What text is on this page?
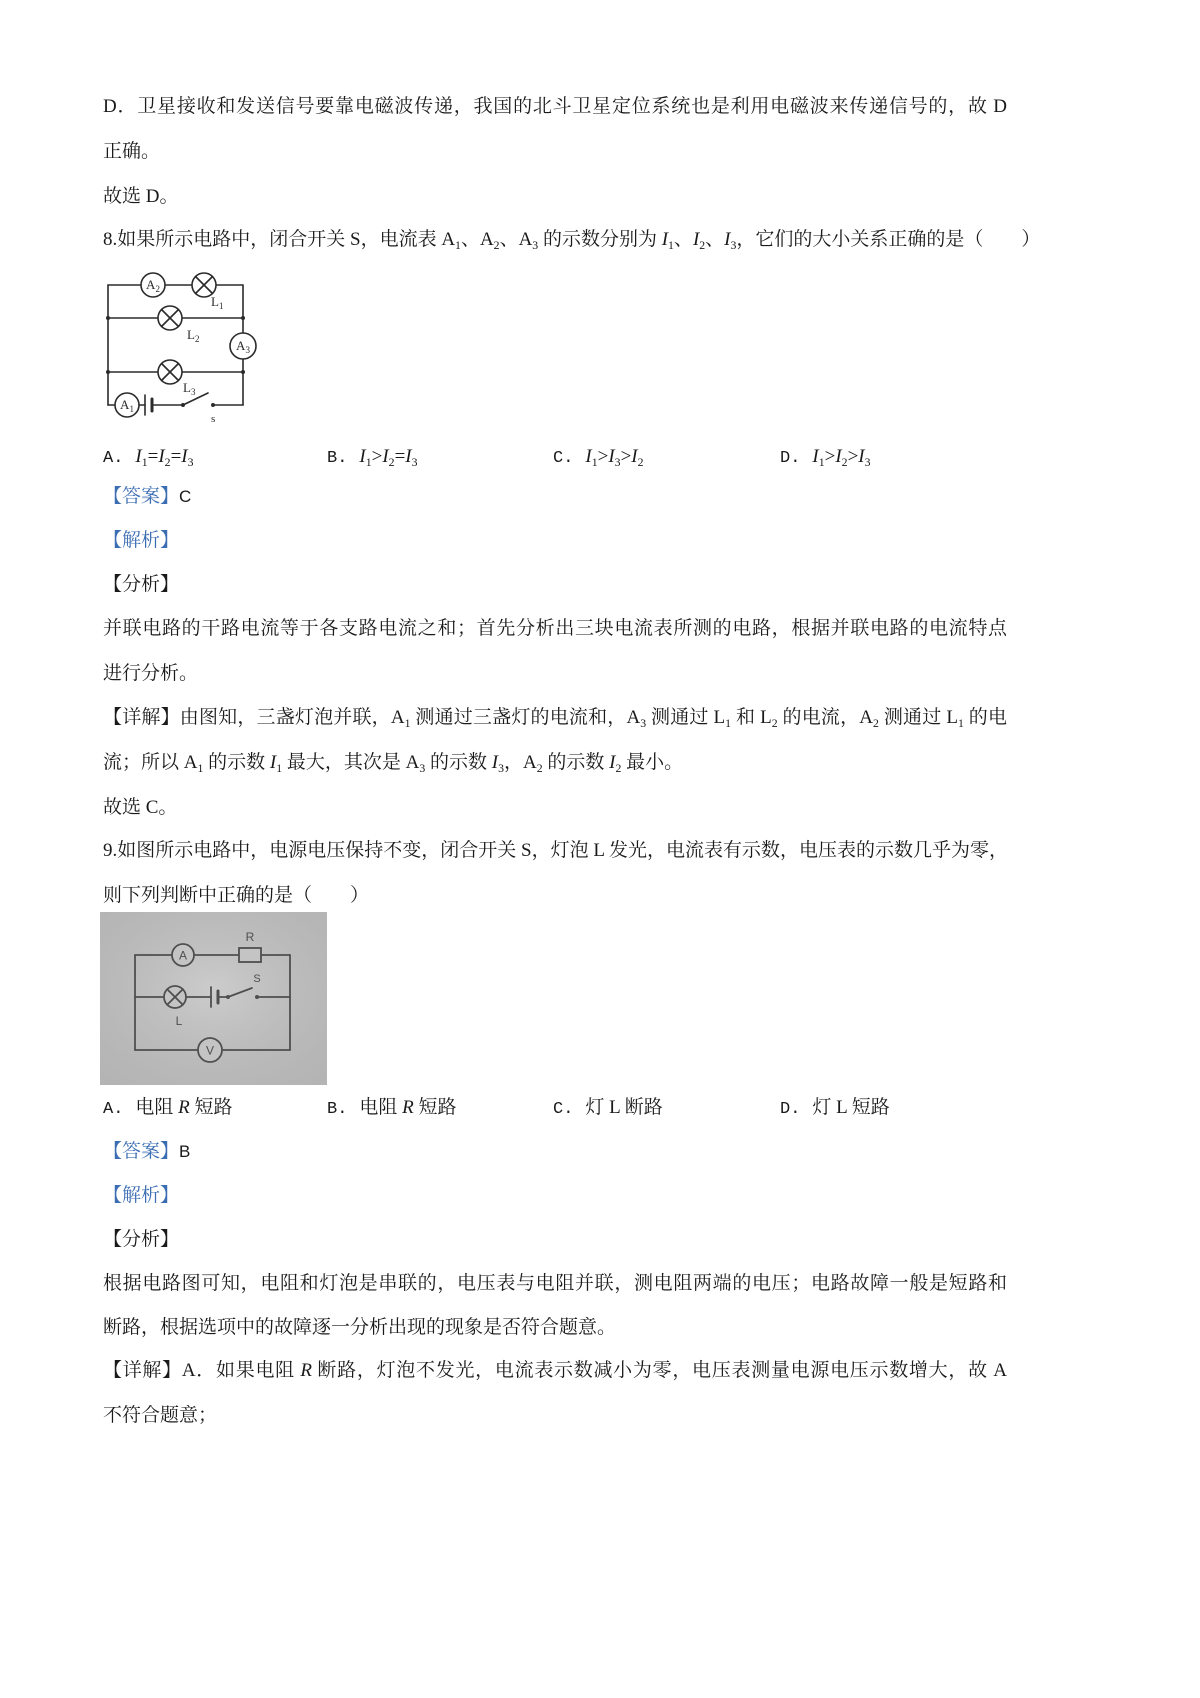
D．卫星接收和发送信号要靠电磁波传递，我国的北斗卫星定位系统也是利用电磁波来传递信号的，故 D
正确。
故选 D。
8.如果所示电路中，闭合开关 S，电流表 A1、A2、A3 的示数分别为 I1、I2、I3，它们的大小关系正确的是（　　）
$A_2$
$L_1$
$L_2$	$A_3$
$L_3$
$A_1$
s
A. I1=I2=I3	B. I1>I2=I3	C. I1>I3>I2	D. I1>I2>I3
【答案】C
【解析】
【分析】
并联电路的干路电流等于各支路电流之和；首先分析出三块电流表所测的电路，根据并联电路的电流特点
进行分析。
【详解】由图知，三盏灯泡并联，A1 测通过三盏灯的电流和，A3 测通过 L1 和 L2 的电流，A2 测通过 L1 的电
流；所以 A1 的示数 I1 最大，其次是 A3 的示数 I3，A2 的示数 I2 最小。
故选 C。
9.如图所示电路中，电源电压保持不变，闭合开关 S，灯泡 L 发光，电流表有示数，电压表的示数几乎为零，
则下列判断中正确的是（　　）
A
R
L
S
V
A. 电阻 R 短路	B. 电阻 R 短路	C. 灯 L 断路	D. 灯 L 短路
【答案】B
【解析】
【分析】
根据电路图可知，电阻和灯泡是串联的，电压表与电阻并联，测电阻两端的电压；电路故障一般是短路和
断路，根据选项中的故障逐一分析出现的现象是否符合题意。
【详解】A．如果电阻 R 断路，灯泡不发光，电流表示数减小为零，电压表测量电源电压示数增大，故 A
不符合题意；
